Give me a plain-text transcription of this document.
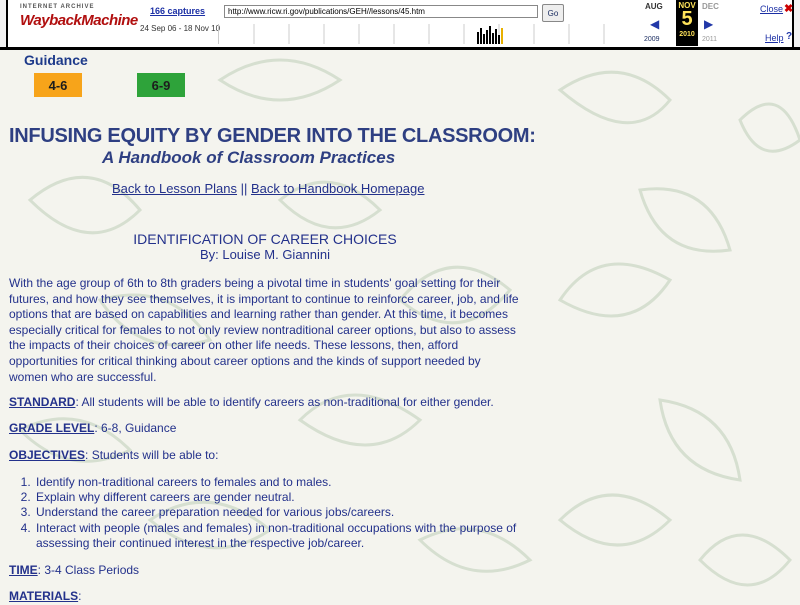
INTERNET ARCHIVE
WaybackMachine
166 captures
24 Sep 06 - 18 Nov 10
http://www.ricw.ri.gov/publications/GEH//lessons/45.htm
Go
AUG
◀
2009
NOV
5
2010
DEC
▶
2011
Close ✖
Help ?
Guidance
4-6	6-9
INFUSING EQUITY BY GENDER INTO THE CLASSROOM:
A Handbook of Classroom Practices
Back to Lesson Plans || Back to Handbook Homepage
IDENTIFICATION OF CAREER CHOICES
By: Louise M. Giannini
With the age group of 6th to 8th graders being a pivotal time in students' goal setting for their futures, and how they see themselves, it is important to continue to reinforce career, job, and life options that are based on capabilities and learning rather than gender. At this time, it becomes especially critical for females to not only review nontraditional career options, but also to assess the impacts of their choices of career on other life needs. These lessons, then, afford opportunities for critical thinking about career options and the kinds of support needed by women who are successful.
STANDARD: All students will be able to identify careers as non-traditional for either gender.
GRADE LEVEL: 6-8, Guidance
OBJECTIVES: Students will be able to:
1. Identify non-traditional careers to females and to males.
2. Explain why different careers are gender neutral.
3. Understand the career preparation needed for various jobs/careers.
4. Interact with people (males and females) in non-traditional occupations with the purpose of assessing their continued interest in the respective job/career.
TIME: 3-4 Class Periods
MATERIALS:
